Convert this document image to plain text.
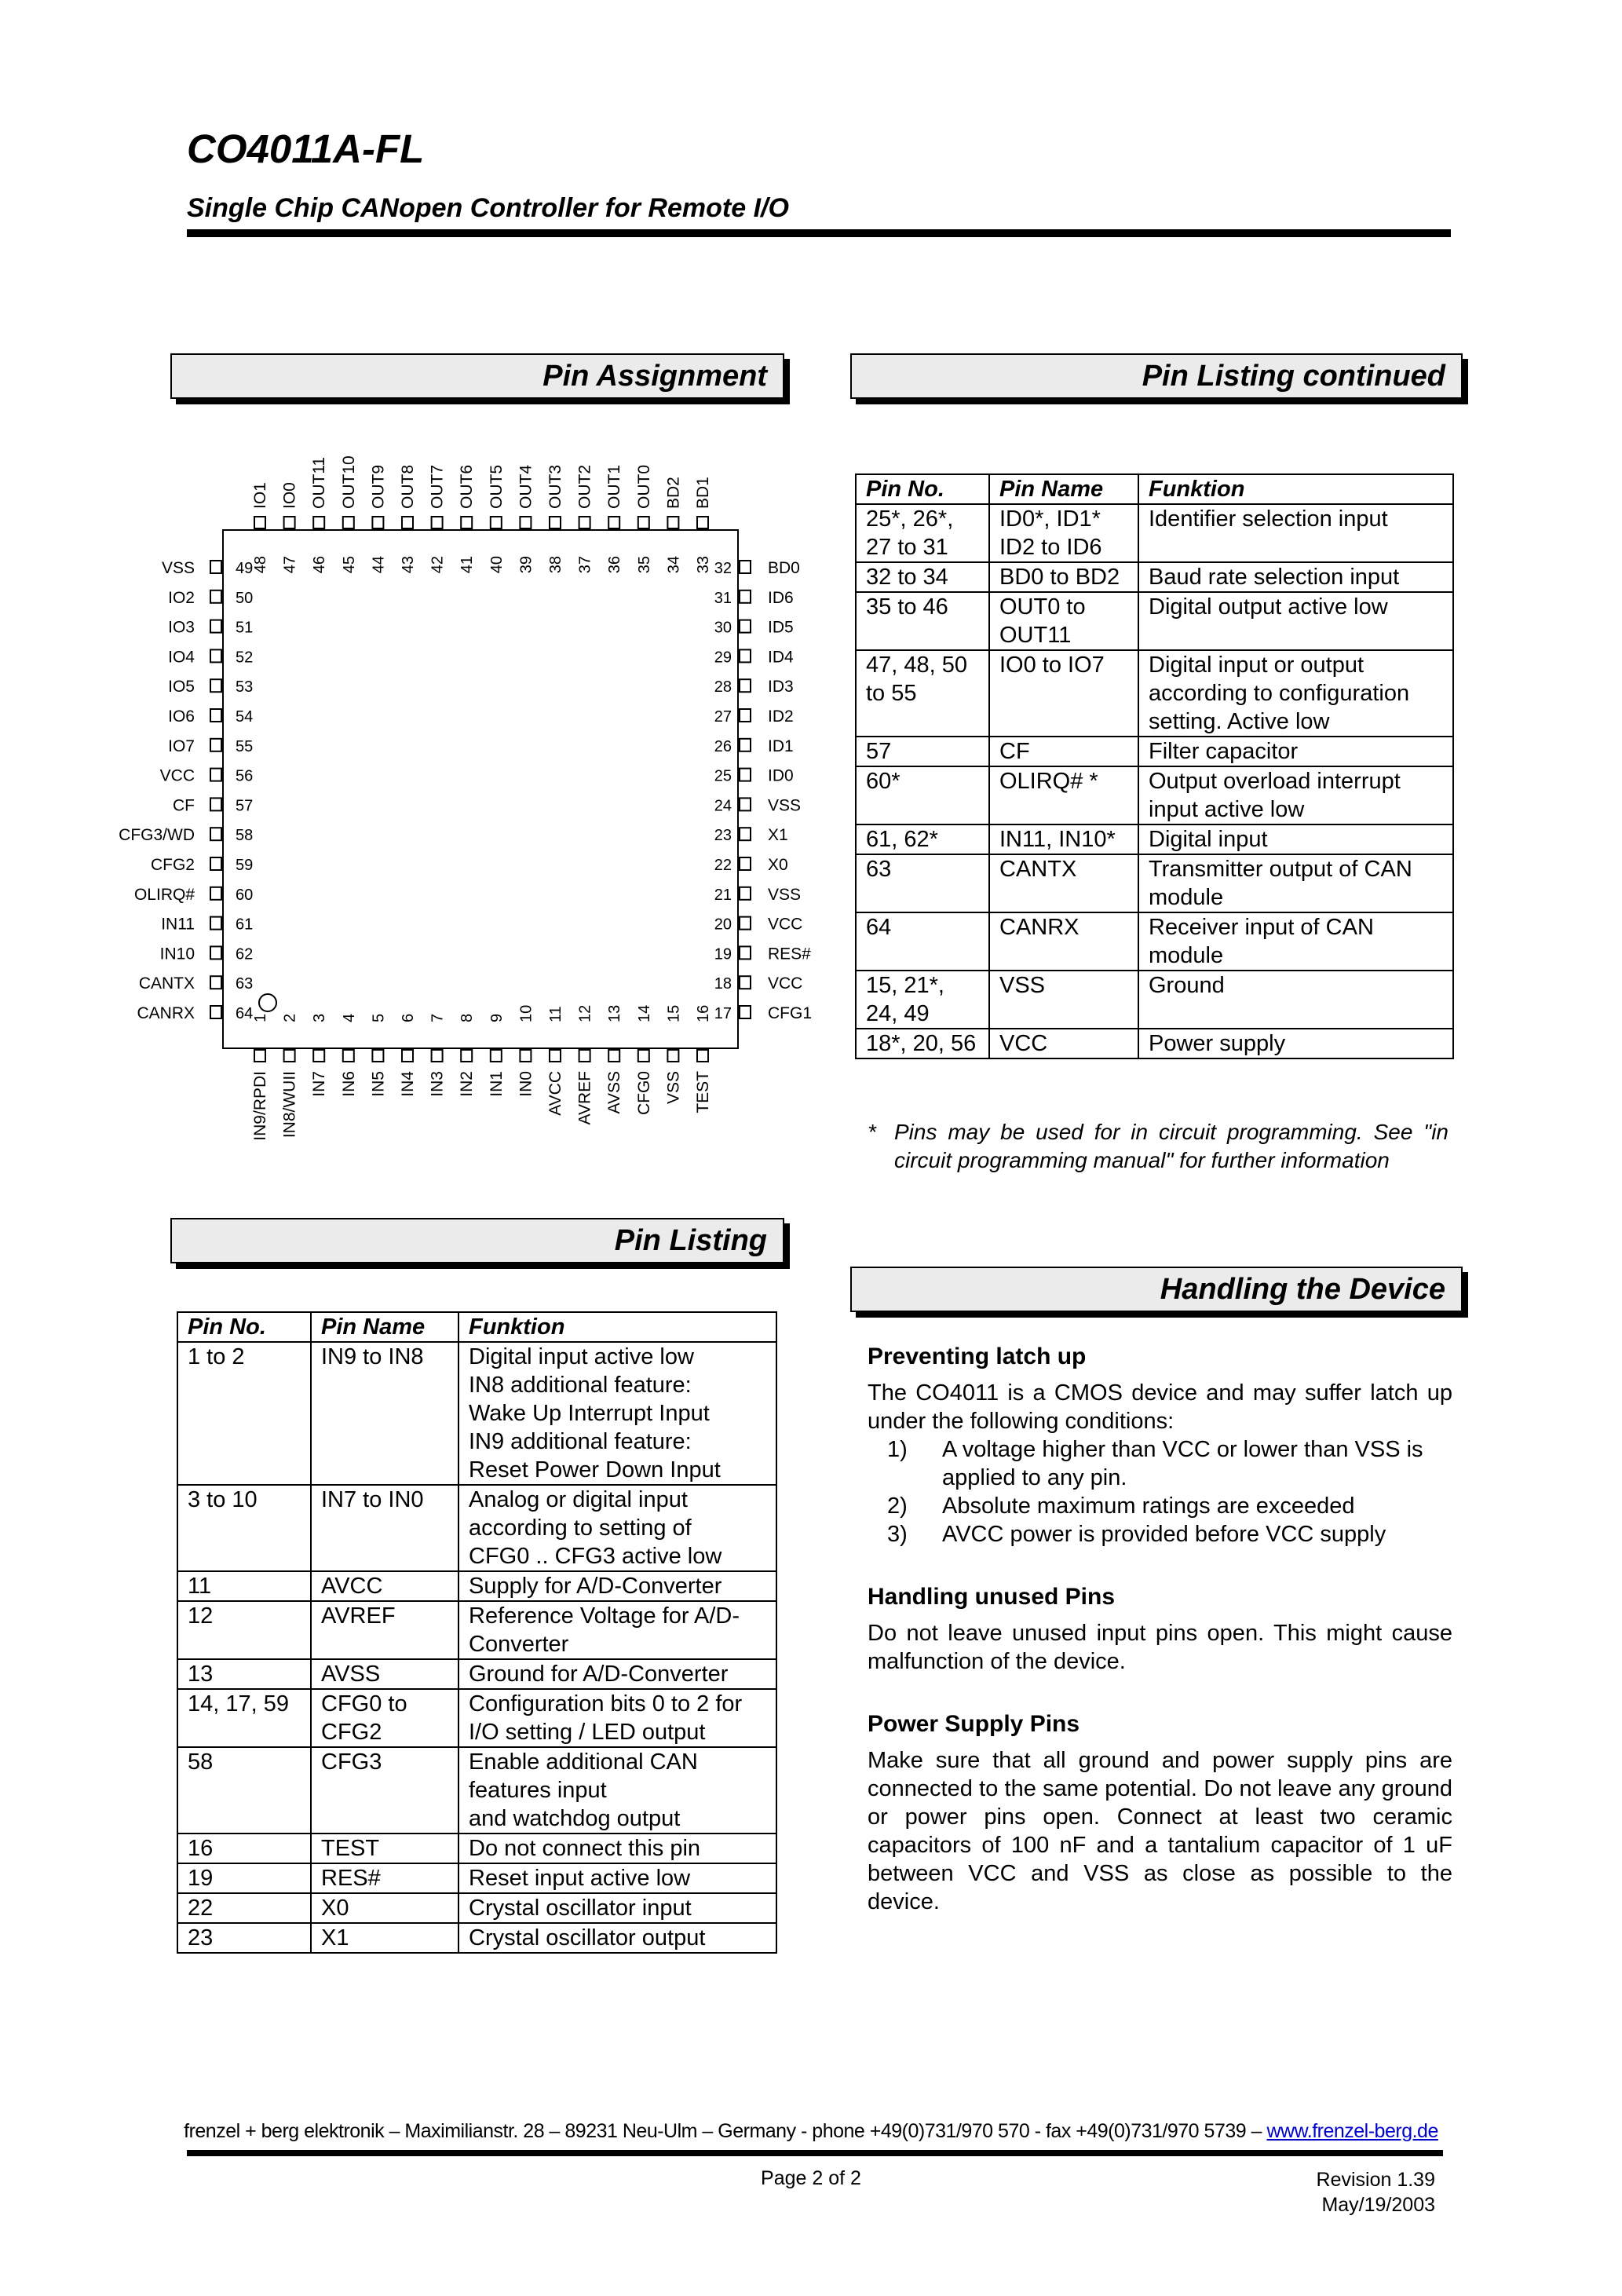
CO4011A-FL
Single Chip CANopen Controller for Remote I/O
Pin Assignment	Pin Listing continued
Pin Listing
Handling the Device
VSS	49
IO2	50
IO3	51
IO4	52
IO5	53
IO6	54
IO7	55
VCC	56
CF	57
CFG3/WD	58
CFG2	59
OLIRQ#	60
IN11	61
IN10	62
CANTX	63
CANRX	64
BD0
32
ID6
31
ID5
30
ID4
29
ID3
28
ID2
27
ID1
26
ID0
25
VSS
24
X1
23
X0
22
VSS
21
VCC
20
RES#
19
VCC
18
CFG1
17
IO1
48
IO0
47
OUT11
46
OUT10
45
OUT9
44
OUT8
43
OUT7
42
OUT6
41
OUT5
40
OUT4
39
OUT3
38
OUT2
37
OUT1
36
OUT0
35
BD2
34
BD1
33
IN9/RPDI
1
IN8/WUII
2
IN7
3
IN6
4
IN5
5
IN4
6
IN3
7
IN2
8
IN1
9
IN0
10
AVCC
11
AVREF
12
AVSS
13
CFG0
14
VSS
15
TEST
16
Pin No.	Pin Name	Funktion
1 to 2	IN9 to IN8	Digital input active low
IN8 additional feature:
Wake Up Interrupt Input
IN9 additional feature:
Reset Power Down Input

3 to 10	IN7 to IN0	Analog or digital input
according to setting of
CFG0 .. CFG3 active low

11	AVCC	Supply for A/D-Converter

12	AVREF	Reference Voltage for A/D-
Converter

13	AVSS	Ground for A/D-Converter

14, 17, 59	CFG0 to CFG2	Configuration bits 0 to 2 for
I/O setting / LED output

58	CFG3	Enable additional CAN
features input
and watchdog output

16	TEST	Do not connect this pin

19	RES#	Reset input active low

22	X0	Crystal oscillator input

23	X1	Crystal oscillator output
Pin No.	Pin Name	Funktion
25*, 26*, 27 to 31	ID0*, ID1* ID2 to ID6	Identifier selection input

32 to 34	BD0 to BD2	Baud rate selection input

35 to 46	OUT0 to OUT11	Digital output active low

47, 48, 50 to 55	IO0 to IO7	Digital input or output
according to configuration
setting. Active low

57	CF	Filter capacitor

60*	OLIRQ# *	Output overload interrupt
input active low

61, 62*	IN11, IN10*	Digital input

63	CANTX	Transmitter output of CAN
module

64	CANRX	Receiver input of CAN
module

15, 21*, 24, 49	VSS	Ground

18*, 20, 56	VCC	Power supply
* Pins may be used for in circuit programming. See "in circuit programming manual" for further information
Preventing latch up

The CO4011 is a CMOS device and may suffer latch up under the following conditions:

1) A voltage higher than VCC or lower than VSS is applied to any pin.
2) Absolute maximum ratings are exceeded
3) AVCC power is provided before VCC supply
Handling unused Pins

Do not leave unused input pins open. This might cause malfunction of the device.

Power Supply Pins

Make sure that all ground and power supply pins are connected to the same potential. Do not leave any ground or power pins open. Connect at least two ceramic capacitors of 100 nF and a tantalium capacitor of 1 uF between VCC and VSS as close as possible to the device.

frenzel + berg elektronik – Maximilianstr. 28 – 89231 Neu-Ulm – Germany - phone +49(0)731/970 570 - fax +49(0)731/970 5739 – www.frenzel-berg.de
Page 2 of 2	Revision 1.39
May/19/2003
